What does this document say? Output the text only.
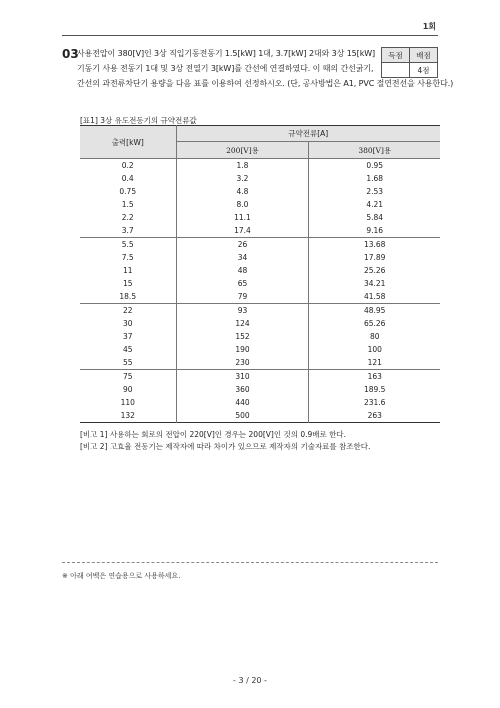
1회
03
사용전압이 380[V]인 3상 직입기동전동기 1.5[kW] 1대, 3.7[kW] 2대와 3상 15[kW]
기동기 사용 전동기 1대 및 3상 전열기 3[kW]를 간선에 연결하였다. 이 때의 간선굵기,
간선의 과전류차단기 용량을 다음 표를 이용하여 선정하시오. (단, 공사방법은 A1, PVC 절연전선을 사용한다.)
득점	배점
	4점
[표1] 3상 유도전동기의 규약전류값
출력[kW]	규약전류[A]	
	200[V]용	380[V]용
0.2	1.8	0.95
0.4	3.2	1.68
0.75	4.8	2.53
1.5	8.0	4.21
2.2	11.1	5.84
3.7	17.4	9.16
5.5	26	13.68
7.5	34	17.89
11	48	25.26
15	65	34.21
18.5	79	41.58
22	93	48.95
30	124	65.26
37	152	80
45	190	100
55	230	121
75	310	163
90	360	189.5
110	440	231.6
132	500	263
[비고 1] 사용하는 회로의 전압이 220[V]인 경우는 200[V]인 것의 0.9배로 한다.
[비고 2] 고효율 전동기는 제작자에 따라 차이가 있으므로 제작자의 기술자료를 참조한다.
※ 아래 여백은 연습용으로 사용하세요.
- 3 / 20 -
